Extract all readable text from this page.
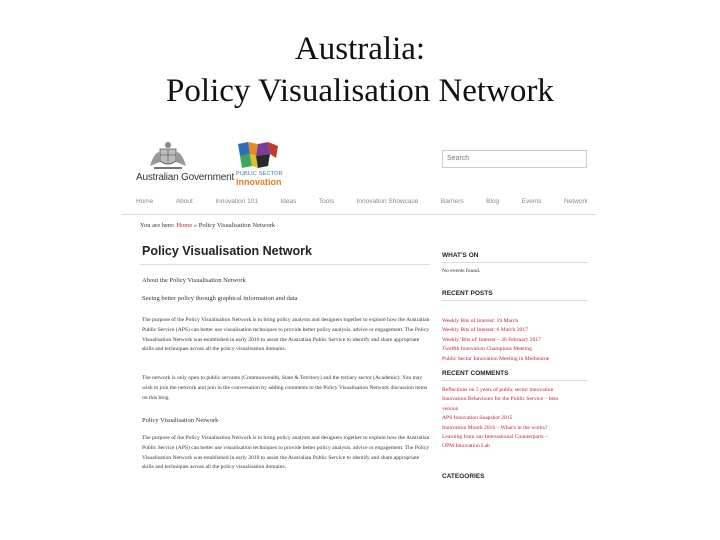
Australia:
Policy Visualisation Network
Australian Government PUBLIC SECTOR
innovation
Search
Home	About	Innovation 101	Ideas	Tools	Innovation Showcase	Barriers	Blog	Events	Network
You are here: Home » Policy Visualisation Network
Policy Visualisation Network
About the Policy Visualisation Network
Seeing better policy through graphical information and data
The purpose of the Policy Visualisation Network is to bring policy analysts and designers together to explore how the Australian Public Service (APS) can better use visualisation techniques to provide better policy analysis, advice or engagement. The Policy Visualisation Network was established in early 2010 to assist the Australian Public Service to identify and share appropriate skills and techniques across all the policy visualisation domains.
The network is only open to public servants (Commonwealth, State & Territory) and the tertiary sector (Academic). You may wish to join the network and join in the conversation by adding comments to the Policy Visualisation Network discussion items on this blog.
Policy Visualisation Network
The purpose of the Policy Visualisation Network is to bring policy analysts and designers together to explore how the Australian Public Service (APS) can better use visualisation techniques to provide better policy analysis, advice or engagement. The Policy Visualisation Network was established in early 2010 to assist the Australian Public Service to identify and share appropriate skills and techniques across all the policy visualisation domains.
WHAT'S ON
No events found.
RECENT POSTS
Weekly Bits of Interest: 19 March
Weekly Bits of Interest: 6 March 2017
Weekly 'Bits of' Interest – 26 February 2017
Twelfth Innovation Champions Meeting
Public Sector Innovation Meeting in Melbourne
RECENT COMMENTS
Reflections on 5 years of public sector innovation
Innovation Behaviours for the Public Service – beta
version
APS Innovation Snapshot 2015
Innovation Month 2016 – What's in the works?
Learning from our International Counterparts –
OPM Innovation Lab
CATEGORIES
